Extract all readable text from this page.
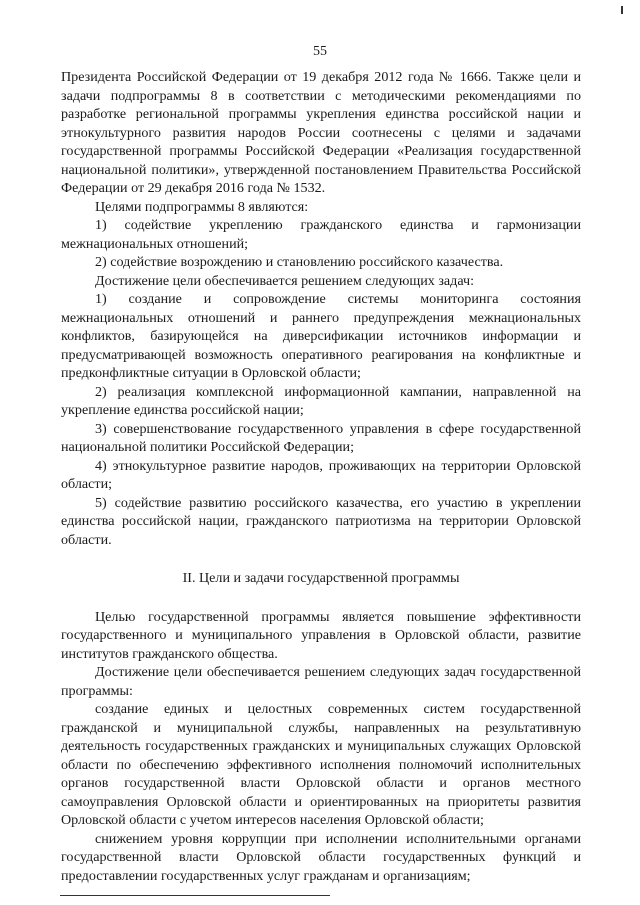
55

Президента Российской Федерации от 19 декабря 2012 года № 1666. Также цели и задачи подпрограммы 8 в соответствии с методическими рекомендациями по разработке региональной программы укрепления единства российской нации и этнокультурного развития народов России соотнесены с целями и задачами государственной программы Российской Федерации «Реализация государственной национальной политики», утвержденной постановлением Правительства Российской Федерации от 29 декабря 2016 года № 1532.

Целями подпрограммы 8 являются:

1) содействие укреплению гражданского единства и гармонизации межнациональных отношений;

2) содействие возрождению и становлению российского казачества.

Достижение цели обеспечивается решением следующих задач:

1) создание и сопровождение системы мониторинга состояния межнациональных отношений и раннего предупреждения межнациональных конфликтов, базирующейся на диверсификации источников информации и предусматривающей возможность оперативного реагирования на конфликтные и предконфликтные ситуации в Орловской области;

2) реализация комплексной информационной кампании, направленной на укрепление единства российской нации;

3) совершенствование государственного управления в сфере государственной национальной политики Российской Федерации;

4) этнокультурное развитие народов, проживающих на территории Орловской области;

5) содействие развитию российского казачества, его участию в укреплении единства российской нации, гражданского патриотизма на территории Орловской области.

II. Цели и задачи государственной программы

Целью государственной программы является повышение эффективности государственного и муниципального управления в Орловской области, развитие институтов гражданского общества.

Достижение цели обеспечивается решением следующих задач государственной программы:

создание единых и целостных современных систем государственной гражданской и муниципальной службы, направленных на результативную деятельность государственных гражданских и муниципальных служащих Орловской области по обеспечению эффективного исполнения полномочий исполнительных органов государственной власти Орловской области и органов местного самоуправления Орловской области и ориентированных на приоритеты развития Орловской области с учетом интересов населения Орловской области;

снижением уровня коррупции при исполнении исполнительными органами государственной власти Орловской области государственных функций и предоставлении государственных услуг гражданам и организациям;
